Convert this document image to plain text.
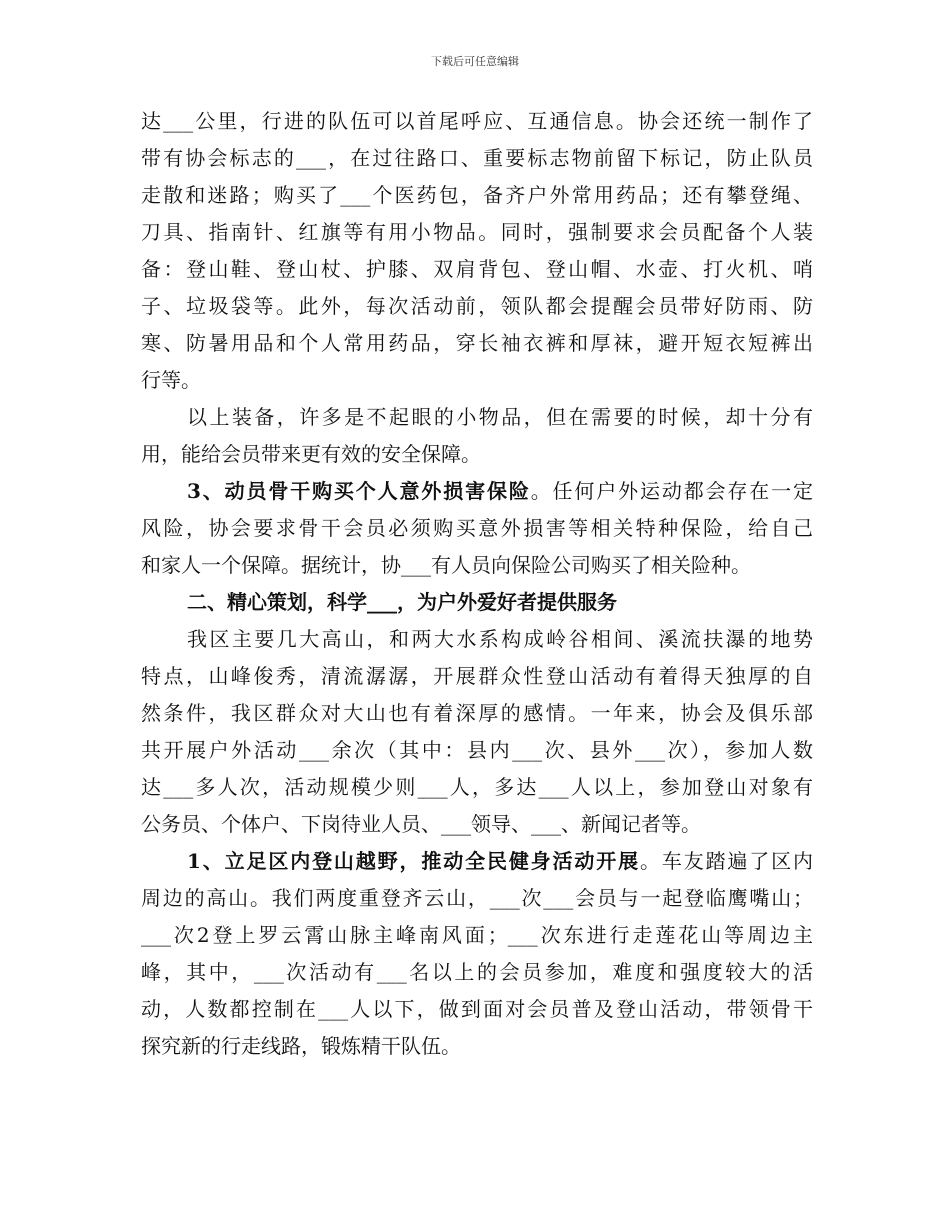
下载后可任意编辑
达___公里，行进的队伍可以首尾呼应、互通信息。协会还统一制作了
带有协会标志的___，在过往路口、重要标志物前留下标记，防止队员
走散和迷路；购买了___个医药包，备齐户外常用药品；还有攀登绳、
刀具、指南针、红旗等有用小物品。同时，强制要求会员配备个人装
备：登山鞋、登山杖、护膝、双肩背包、登山帽、水壶、打火机、哨
子、垃圾袋等。此外，每次活动前，领队都会提醒会员带好防雨、防
寒、防暑用品和个人常用药品，穿长袖衣裤和厚袜，避开短衣短裤出
行等。
以上装备，许多是不起眼的小物品，但在需要的时候，却十分有
用，能给会员带来更有效的安全保障。
3、动员骨干购买个人意外损害保险。任何户外运动都会存在一定
风险，协会要求骨干会员必须购买意外损害等相关特种保险，给自己
和家人一个保障。据统计，协___有人员向保险公司购买了相关险种。
二、精心策划，科学___，为户外爱好者提供服务
我区主要几大高山，和两大水系构成岭谷相间、溪流扶瀑的地势
特点，山峰俊秀，清流潺潺，开展群众性登山活动有着得天独厚的自
然条件，我区群众对大山也有着深厚的感情。一年来，协会及俱乐部
共开展户外活动___余次（其中：县内___次、县外___次），参加人数
达___多人次，活动规模少则___人，多达___人以上，参加登山对象有
公务员、个体户、下岗待业人员、___领导、___、新闻记者等。
1、立足区内登山越野，推动全民健身活动开展。车友踏遍了区内
周边的高山。我们两度重登齐云山，___次___会员与一起登临鹰嘴山；
___次2登上罗云霄山脉主峰南风面；___次东进行走莲花山等周边主
峰，其中，___次活动有___名以上的会员参加，难度和强度较大的活
动，人数都控制在___人以下，做到面对会员普及登山活动，带领骨干
探究新的行走线路，锻炼精干队伍。
